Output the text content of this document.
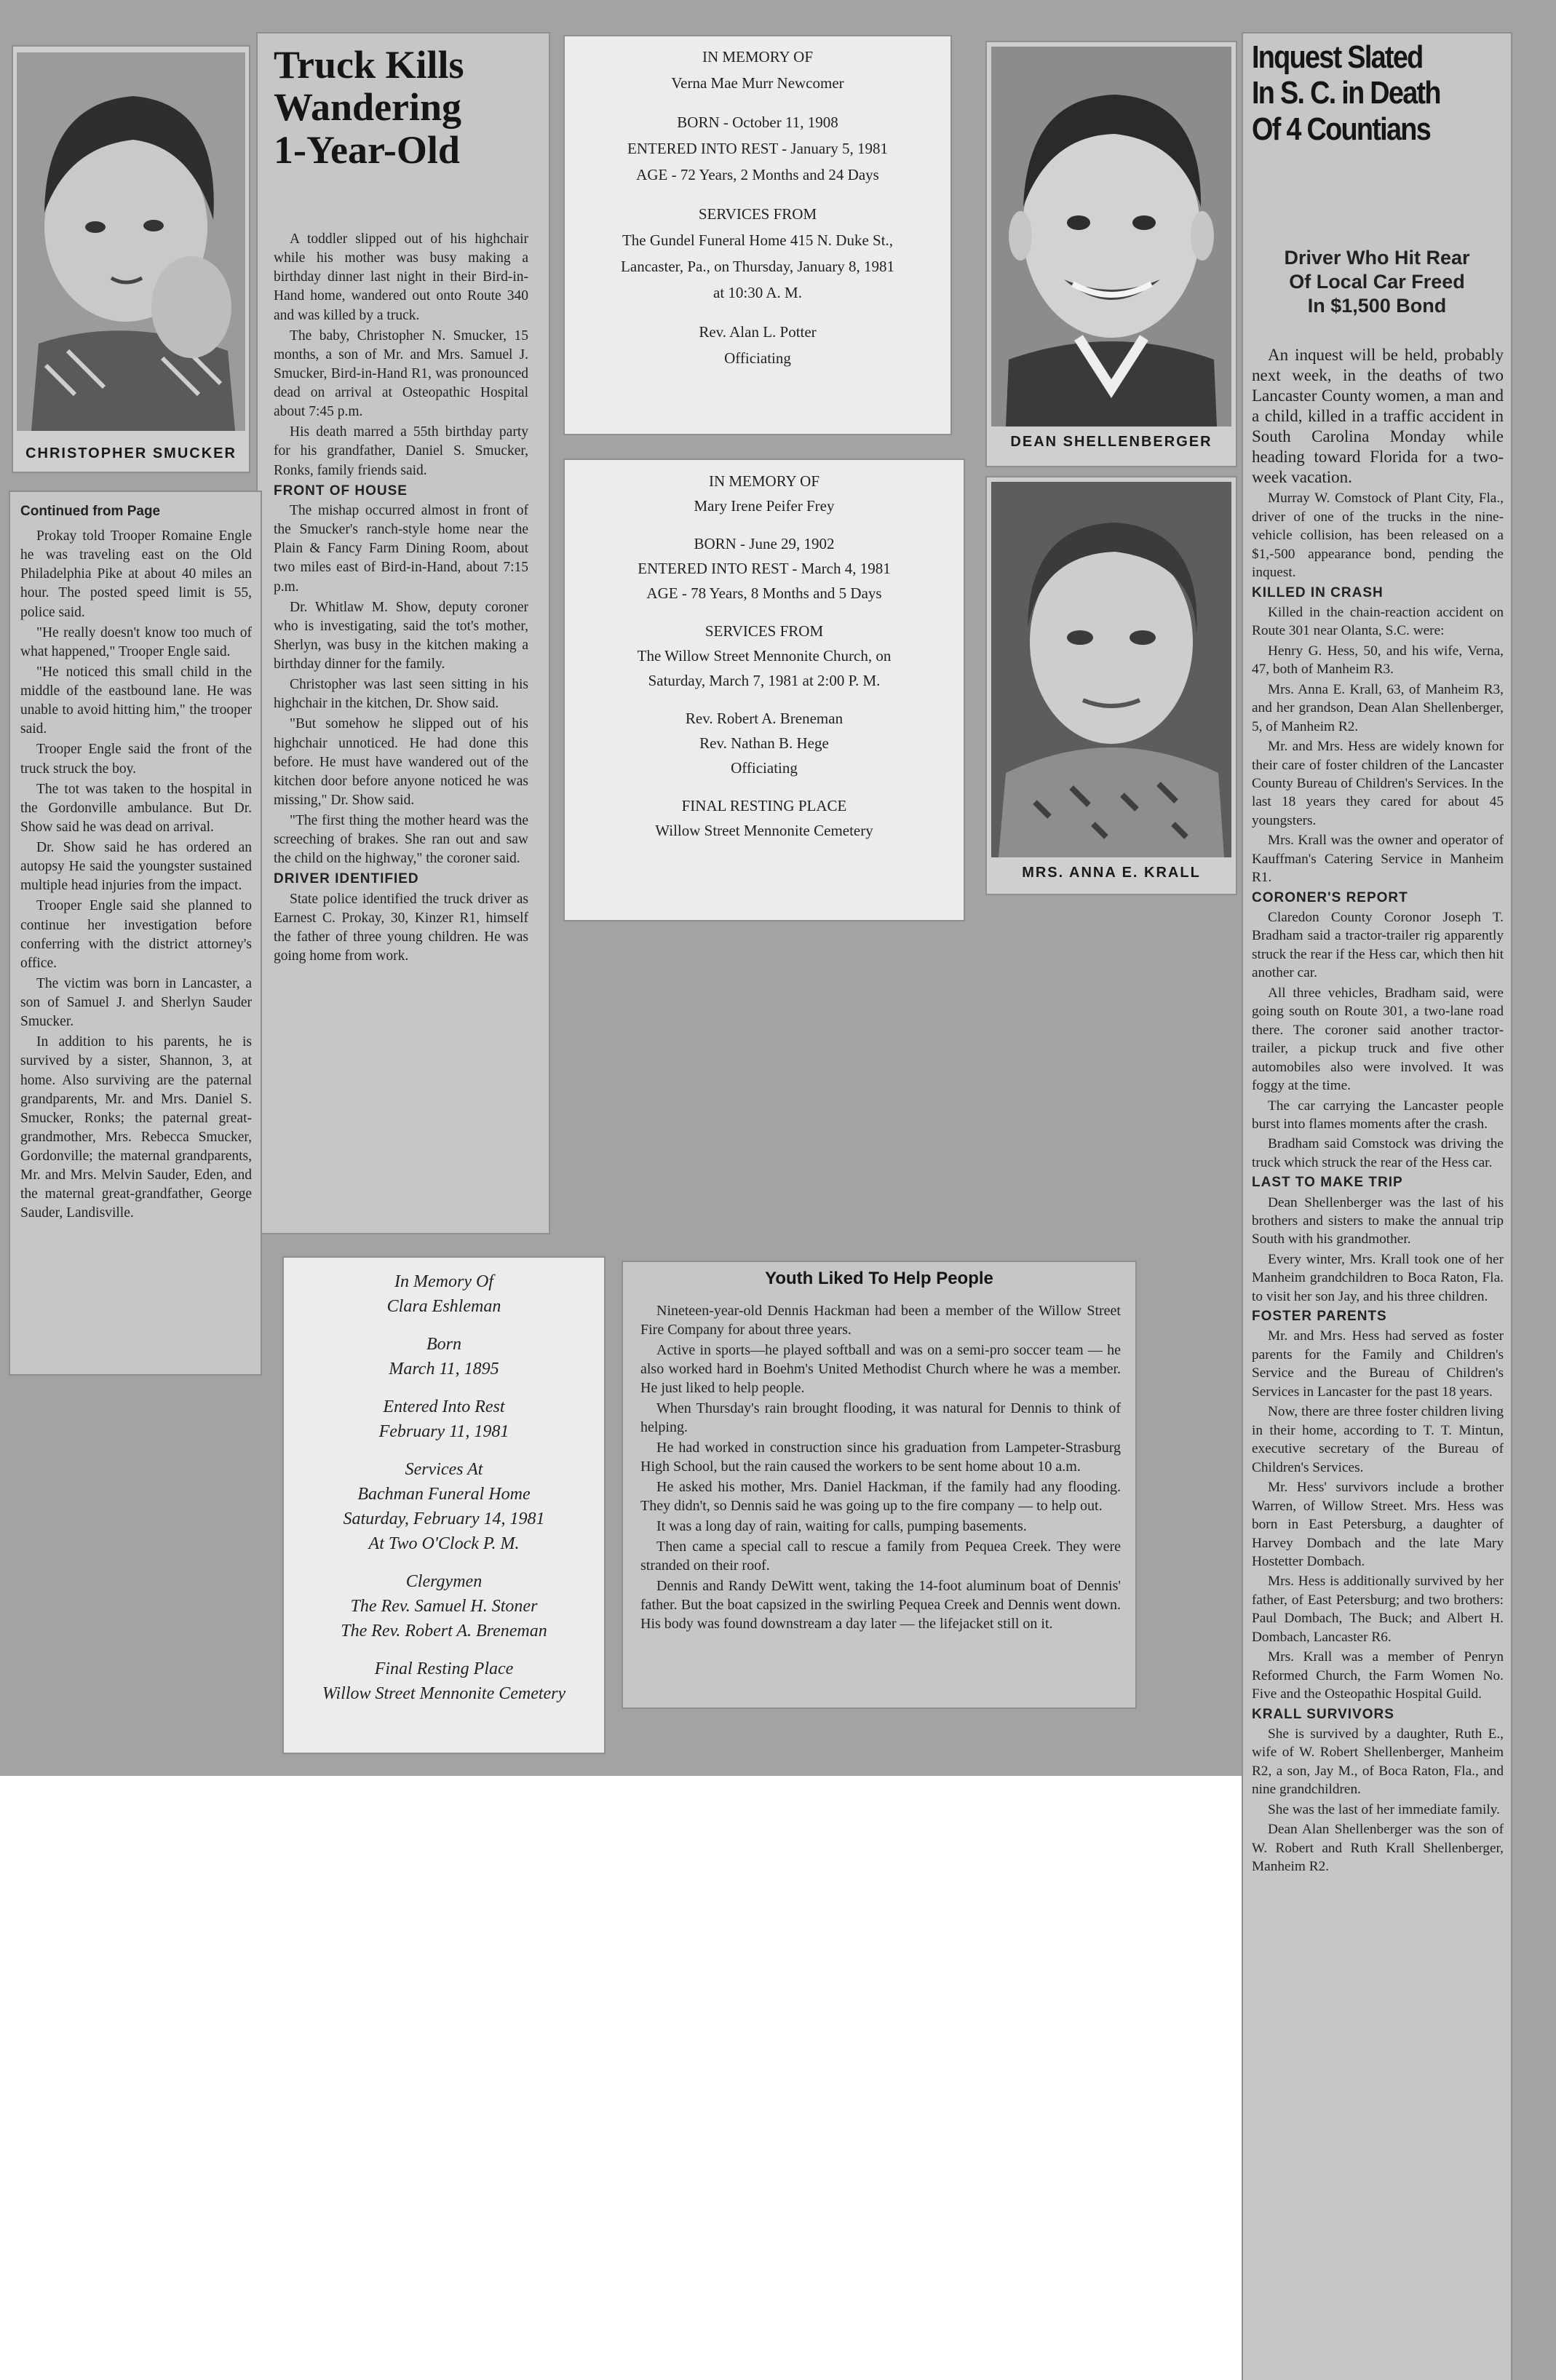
CHRISTOPHER SMUCKER
Truck Kills
Wandering
1-Year-Old

A toddler slipped out of his highchair while his mother was busy making a birthday dinner last night in their Bird-in-Hand home, wandered out onto Route 340 and was killed by a truck.

The baby, Christopher N. Smucker, 15 months, a son of Mr. and Mrs. Samuel J. Smucker, Bird-in-Hand R1, was pronounced dead on arrival at Osteopathic Hospital about 7:45 p.m.

His death marred a 55th birthday party for his grandfather, Daniel S. Smucker, Ronks, family friends said.

FRONT OF HOUSE

The mishap occurred almost in front of the Smucker's ranch-style home near the Plain & Fancy Farm Dining Room, about two miles east of Bird-in-Hand, about 7:15 p.m.

Dr. Whitlaw M. Show, deputy coroner who is investigating, said the tot's mother, Sherlyn, was busy in the kitchen making a birthday dinner for the family.

Christopher was last seen sitting in his highchair in the kitchen, Dr. Show said.

"But somehow he slipped out of his highchair unnoticed. He had done this before. He must have wandered out of the kitchen door before anyone noticed he was missing," Dr. Show said.

"The first thing the mother heard was the screeching of brakes. She ran out and saw the child on the highway," the coroner said.

DRIVER IDENTIFIED

State police identified the truck driver as Earnest C. Prokay, 30, Kinzer R1, himself the father of three young children. He was going home from work.

Continued from Page

Prokay told Trooper Romaine Engle he was traveling east on the Old Philadelphia Pike at about 40 miles an hour. The posted speed limit is 55, police said.

"He really doesn't know too much of what happened," Trooper Engle said.

"He noticed this small child in the middle of the eastbound lane. He was unable to avoid hitting him," the trooper said.

Trooper Engle said the front of the truck struck the boy.

The tot was taken to the hospital in the Gordonville ambulance. But Dr. Show said he was dead on arrival.

Dr. Show said he has ordered an autopsy He said the youngster sustained multiple head injuries from the impact.

Trooper Engle said she planned to continue her investigation before conferring with the district attorney's office.

The victim was born in Lancaster, a son of Samuel J. and Sherlyn Sauder Smucker.

In addition to his parents, he is survived by a sister, Shannon, 3, at home. Also surviving are the paternal grandparents, Mr. and Mrs. Daniel S. Smucker, Ronks; the paternal great-grandmother, Mrs. Rebecca Smucker, Gordonville; the maternal grandparents, Mr. and Mrs. Melvin Sauder, Eden, and the maternal great-grandfather, George Sauder, Landisville.

IN MEMORY OF
Verna Mae Murr Newcomer
BORN - October 11, 1908
ENTERED INTO REST - January 5, 1981
AGE - 72 Years, 2 Months and 24 Days
SERVICES FROM
The Gundel Funeral Home 415 N. Duke St.,
Lancaster, Pa., on Thursday, January 8, 1981
at 10:30 A. M.
Rev. Alan L. Potter
Officiating
IN MEMORY OF
Mary Irene Peifer Frey
BORN - June 29, 1902
ENTERED INTO REST - March 4, 1981
AGE - 78 Years, 8 Months and 5 Days
SERVICES FROM
The Willow Street Mennonite Church, on
Saturday, March 7, 1981 at 2:00 P. M.
Rev. Robert A. Breneman
Rev. Nathan B. Hege
Officiating
FINAL RESTING PLACE
Willow Street Mennonite Cemetery
In Memory Of
Clara Eshleman
Born
March 11, 1895
Entered Into Rest
February 11, 1981
Services At
Bachman Funeral Home
Saturday, February 14, 1981
At Two O'Clock P. M.
Clergymen
The Rev. Samuel H. Stoner
The Rev. Robert A. Breneman
Final Resting Place
Willow Street Mennonite Cemetery
Youth Liked To Help People

Nineteen-year-old Dennis Hackman had been a member of the Willow Street Fire Company for about three years.

Active in sports—he played softball and was on a semi-pro soccer team — he also worked hard in Boehm's United Methodist Church where he was a member. He just liked to help people.

When Thursday's rain brought flooding, it was natural for Dennis to think of helping.

He had worked in construction since his graduation from Lampeter-Strasburg High School, but the rain caused the workers to be sent home about 10 a.m.

He asked his mother, Mrs. Daniel Hackman, if the family had any flooding. They didn't, so Dennis said he was going up to the fire company — to help out.

It was a long day of rain, waiting for calls, pumping basements.

Then came a special call to rescue a family from Pequea Creek. They were stranded on their roof.

Dennis and Randy DeWitt went, taking the 14-foot aluminum boat of Dennis' father. But the boat capsized in the swirling Pequea Creek and Dennis went down. His body was found downstream a day later — the lifejacket still on it.

DEAN SHELLENBERGER
MRS. ANNA E. KRALL
Inquest Slated
In S. C. in Death
Of 4 Countians
Driver Who Hit Rear
Of Local Car Freed
In $1,500 Bond

An inquest will be held, probably next week, in the deaths of two Lancaster County women, a man and a child, killed in a traffic accident in South Carolina Monday while heading toward Florida for a two-week vacation.

Murray W. Comstock of Plant City, Fla., driver of one of the trucks in the nine-vehicle collision, has been released on a $1,-500 appearance bond, pending the inquest.

KILLED IN CRASH

Killed in the chain-reaction accident on Route 301 near Olanta, S.C. were:

Henry G. Hess, 50, and his wife, Verna, 47, both of Manheim R3.

Mrs. Anna E. Krall, 63, of Manheim R3, and her grandson, Dean Alan Shellenberger, 5, of Manheim R2.

Mr. and Mrs. Hess are widely known for their care of foster children of the Lancaster County Bureau of Children's Services. In the last 18 years they cared for about 45 youngsters.

Mrs. Krall was the owner and operator of Kauffman's Catering Service in Manheim R1.

CORONER'S REPORT

Claredon County Coronor Joseph T. Bradham said a tractor-trailer rig apparently struck the rear if the Hess car, which then hit another car.

All three vehicles, Bradham said, were going south on Route 301, a two-lane road there. The coroner said another tractor-trailer, a pickup truck and five other automobiles also were involved. It was foggy at the time.

The car carrying the Lancaster people burst into flames moments after the crash.

Bradham said Comstock was driving the truck which struck the rear of the Hess car.

LAST TO MAKE TRIP

Dean Shellenberger was the last of his brothers and sisters to make the annual trip South with his grandmother.

Every winter, Mrs. Krall took one of her Manheim grandchildren to Boca Raton, Fla. to visit her son Jay, and his three children.

FOSTER PARENTS

Mr. and Mrs. Hess had served as foster parents for the Family and Children's Service and the Bureau of Children's Services in Lancaster for the past 18 years.

Now, there are three foster children living in their home, according to T. T. Mintun, executive secretary of the Bureau of Children's Services.

Mr. Hess' survivors include a brother Warren, of Willow Street. Mrs. Hess was born in East Petersburg, a daughter of Harvey Dombach and the late Mary Hostetter Dombach.

Mrs. Hess is additionally survived by her father, of East Petersburg; and two brothers: Paul Dombach, The Buck; and Albert H. Dombach, Lancaster R6.

Mrs. Krall was a member of Penryn Reformed Church, the Farm Women No. Five and the Osteopathic Hospital Guild.

KRALL SURVIVORS

She is survived by a daughter, Ruth E., wife of W. Robert Shellenberger, Manheim R2, a son, Jay M., of Boca Raton, Fla., and nine grandchildren.

She was the last of her immediate family.

Dean Alan Shellenberger was the son of W. Robert and Ruth Krall Shellenberger, Manheim R2.
